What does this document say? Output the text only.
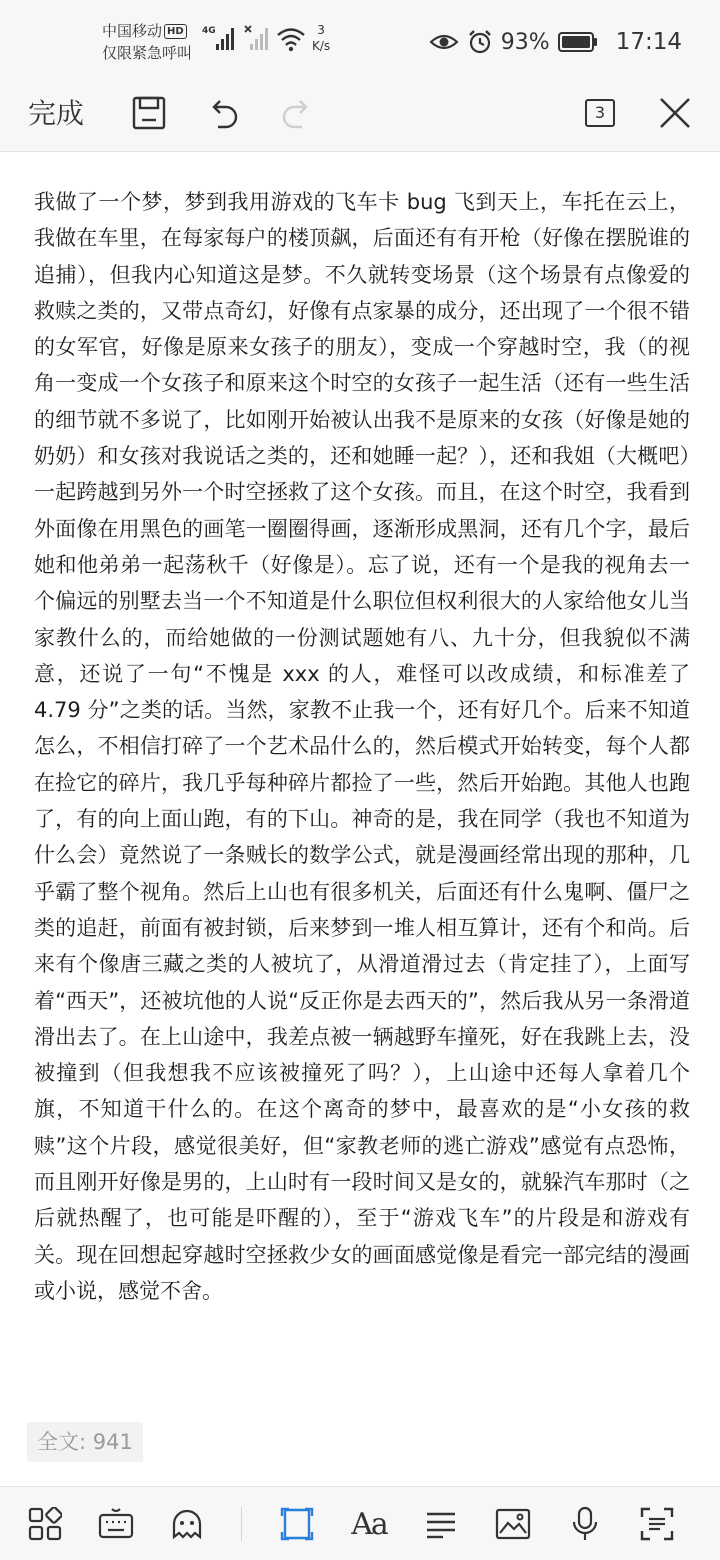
中国移动 HD
仅限紧急呼叫
4G	3
K/s	93%	17:14
完成	3
我做了一个梦，梦到我用游戏的飞车卡 bug 飞到天上，车托在云上，我做在车里，在每家每户的楼顶飙，后面还有有开枪（好像在摆脱谁的追捕），但我内心知道这是梦。不久就转变场景（这个场景有点像爱的救赎之类的，又带点奇幻，好像有点家暴的成分，还出现了一个很不错的女军官，好像是原来女孩子的朋友），变成一个穿越时空，我（的视角一变成一个女孩子和原来这个时空的女孩子一起生活（还有一些生活的细节就不多说了，比如刚开始被认出我不是原来的女孩（好像是她的奶奶）和女孩对我说话之类的，还和她睡一起？），还和我姐（大概吧）一起跨越到另外一个时空拯救了这个女孩。而且，在这个时空，我看到外面像在用黑色的画笔一圈圈得画，逐渐形成黑洞，还有几个字，最后她和他弟弟一起荡秋千（好像是）。忘了说，还有一个是我的视角去一个偏远的别墅去当一个不知道是什么职位但权利很大的人家给他女儿当家教什么的，而给她做的一份测试题她有八、九十分，但我貌似不满意，还说了一句“不愧是 xxx 的人，难怪可以改成绩，和标准差了 4.79 分”之类的话。当然，家教不止我一个，还有好几个。后来不知道怎么，不相信打碎了一个艺术品什么的，然后模式开始转变，每个人都在捡它的碎片，我几乎每种碎片都捡了一些，然后开始跑。其他人也跑了，有的向上面山跑，有的下山。神奇的是，我在同学（我也不知道为什么会）竟然说了一条贼长的数学公式，就是漫画经常出现的那种，几乎霸了整个视角。然后上山也有很多机关，后面还有什么鬼啊、僵尸之类的追赶，前面有被封锁，后来梦到一堆人相互算计，还有个和尚。后来有个像唐三藏之类的人被坑了，从滑道滑过去（肯定挂了），上面写着“西天”，还被坑他的人说“反正你是去西天的”，然后我从另一条滑道滑出去了。在上山途中，我差点被一辆越野车撞死，好在我跳上去，没被撞到（但我想我不应该被撞死了吗？），上山途中还每人拿着几个旗，不知道干什么的。在这个离奇的梦中，最喜欢的是“小女孩的救赎”这个片段，感觉很美好，但“家教老师的逃亡游戏”感觉有点恐怖，而且刚开好像是男的，上山时有一段时间又是女的，就躲汽车那时（之后就热醒了，也可能是吓醒的），至于“游戏飞车”的片段是和游戏有关。现在回想起穿越时空拯救少女的画面感觉像是看完一部完结的漫画或小说，感觉不舍。
全文: 941
Aa
